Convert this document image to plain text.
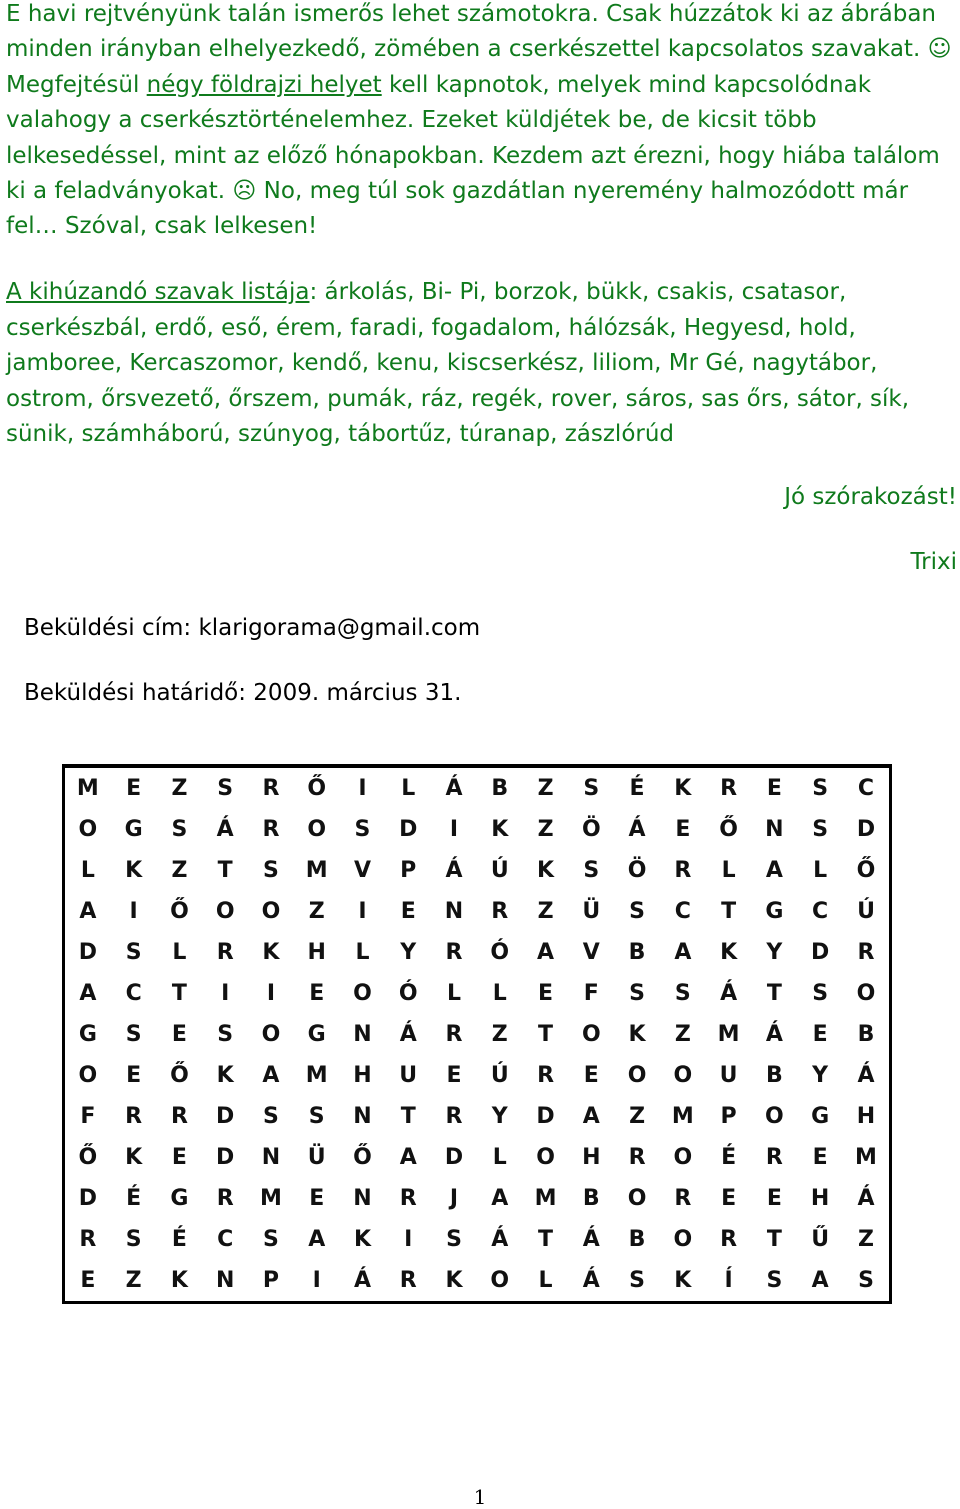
E havi rejtvényünk talán ismerős lehet számotokra. Csak húzzátok ki az ábrában minden irányban elhelyezkedő, zömében a cserkészettel kapcsolatos szavakat. ☺ Megfejtésül négy földrajzi helyet kell kapnotok, melyek mind kapcsolódnak valahogy a cserkésztörténelemhez. Ezeket küldjétek be, de kicsit több lelkesedéssel, mint az előző hónapokban. Kezdem azt érezni, hogy hiába találom ki a feladványokat. ☹ No, meg túl sok gazdátlan nyeremény halmozódott már fel… Szóval, csak lelkesen!

A kihúzandó szavak listája: árkolás, Bi- Pi, borzok, bükk, csakis, csatasor, cserkészbál, erdő, eső, érem, faradi, fogadalom, hálózsák, Hegyesd, hold, jamboree, Kercaszomor, kendő, kenu, kiscserkész, liliom, Mr Gé, nagytábor, ostrom, őrsvezető, őrszem, pumák, ráz, regék, rover, sáros, sas őrs, sátor, sík, sünik, számháború, szúnyog, tábortűz, túranap, zászlórúd

Jó szórakozást!
Trixi
Beküldési cím: klarigorama@gmail.com
Beküldési határidő: 2009. március 31.
M	E	Z	S	R	Ő	I	L	Á	B	Z	S	É	K	R	E	S	C
O	G	S	Á	R	O	S	D	I	K	Z	Ö	Á	E	Ő	N	S	D
L	K	Z	T	S	M	V	P	Á	Ú	K	S	Ö	R	L	A	L	Ő
A	I	Ő	O	O	Z	I	E	N	R	Z	Ü	S	C	T	G	C	Ú
D	S	L	R	K	H	L	Y	R	Ó	A	V	B	A	K	Y	D	R
A	C	T	I	I	E	O	Ó	L	L	E	F	S	S	Á	T	S	O
G	S	E	S	O	G	N	Á	R	Z	T	O	K	Z	M	Á	E	B
O	E	Ő	K	A	M	H	U	E	Ú	R	E	O	O	U	B	Y	Á
F	R	R	D	S	S	N	T	R	Y	D	A	Z	M	P	O	G	H
Ő	K	E	D	N	Ü	Ő	A	D	L	O	H	R	O	É	R	E	M
D	É	G	R	M	E	N	R	J	A	M	B	O	R	E	E	H	Á
R	S	É	C	S	A	K	I	S	Á	T	Á	B	O	R	T	Ű	Z
E	Z	K	N	P	I	Á	R	K	O	L	Á	S	K	Í	S	A	S
1
